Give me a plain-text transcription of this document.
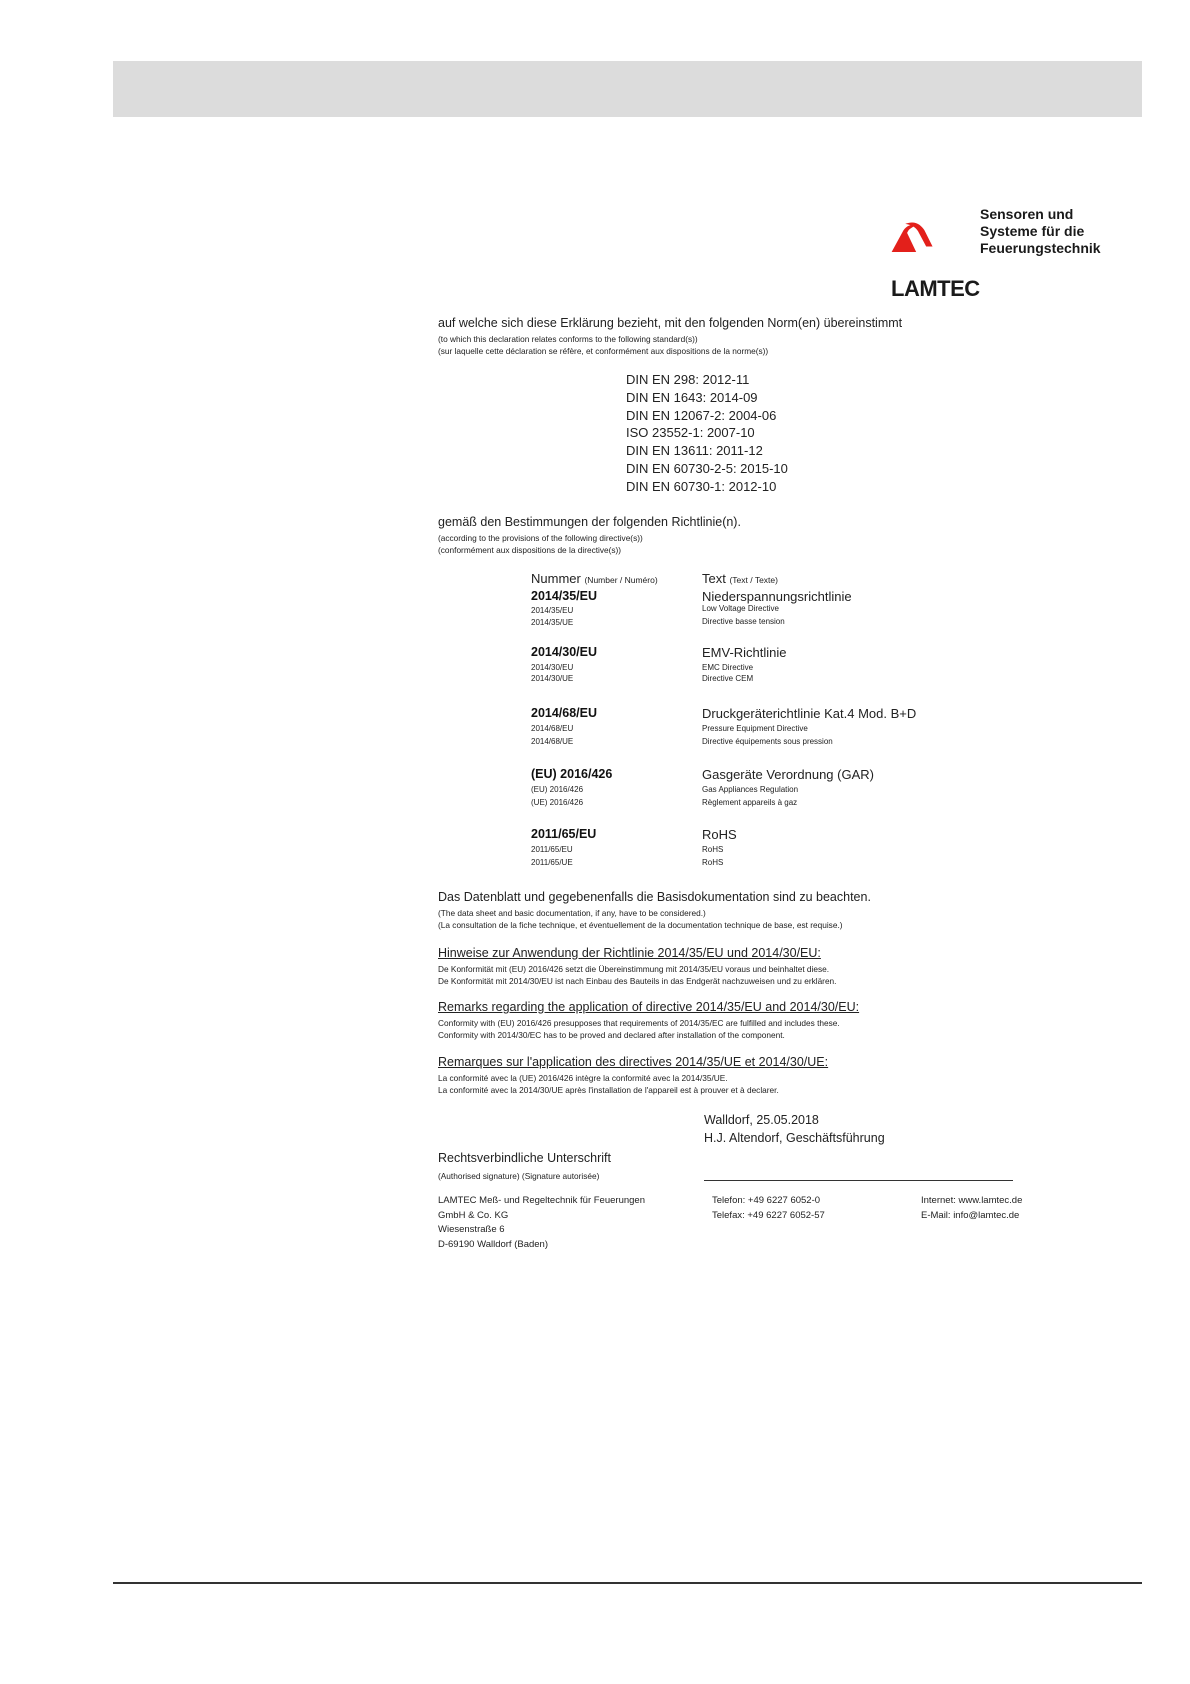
Sensoren und
Systeme für die
Feuerungstechnik
LAMTEC
auf welche sich diese Erklärung bezieht, mit den folgenden Norm(en) übereinstimmt
(to which this declaration relates conforms to the following standard(s))
(sur laquelle cette déclaration se réfère, et conformément aux dispositions de la norme(s))
DIN EN 298: 2012-11
DIN EN 1643: 2014-09
DIN EN 12067-2: 2004-06
ISO 23552-1: 2007-10
DIN EN 13611: 2011-12
DIN EN 60730-2-5: 2015-10
DIN EN 60730-1: 2012-10
gemäß den Bestimmungen der folgenden Richtlinie(n).
(according to the provisions of the following directive(s))
(conformément aux dispositions de la directive(s))
Nummer (Number / Numéro)	Text (Text / Texte)
2014/35/EU
2014/35/EU
2014/35/UE
Niederspannungsrichtlinie
Low Voltage Directive
Directive basse tension
2014/30/EU
2014/30/EU
2014/30/UE
EMV-Richtlinie
EMC Directive
Directive CEM
2014/68/EU
2014/68/EU
2014/68/UE
Druckgeräterichtlinie Kat.4 Mod. B+D
Pressure Equipment Directive
Directive équipements sous pression
(EU) 2016/426
(EU) 2016/426
(UE) 2016/426
Gasgeräte Verordnung (GAR)
Gas Appliances Regulation
Règlement appareils à gaz
2011/65/EU
2011/65/EU
2011/65/UE
RoHS
RoHS
RoHS
Das Datenblatt und gegebenenfalls die Basisdokumentation sind zu beachten.
(The data sheet and basic documentation, if any, have to be considered.)
(La consultation de la fiche technique, et éventuellement de la documentation technique de base, est requise.)
Hinweise zur Anwendung der Richtlinie 2014/35/EU und 2014/30/EU:
De Konformität mit (EU) 2016/426 setzt die Übereinstimmung mit 2014/35/EU voraus und beinhaltet diese.
De Konformität mit 2014/30/EU ist nach Einbau des Bauteils in das Endgerät nachzuweisen und zu erklären.
Remarks regarding the application of directive 2014/35/EU and 2014/30/EU:
Conformity with (EU) 2016/426 presupposes that requirements of 2014/35/EC are fulfilled and includes these.
Conformity with 2014/30/EC has to be proved and declared after installation of the component.
Remarques sur l'application des directives 2014/35/UE et 2014/30/UE:
La conformité avec la (UE) 2016/426 intègre la conformité avec la 2014/35/UE.
La conformité avec la 2014/30/UE après l'installation de l'appareil est à prouver et à declarer.
Walldorf, 25.05.2018
H.J. Altendorf, Geschäftsführung
Rechtsverbindliche Unterschrift
(Authorised signature) (Signature autorisée)
LAMTEC Meß- und Regeltechnik für Feuerungen
GmbH & Co. KG
Wiesenstraße 6
D-69190 Walldorf (Baden)
Telefon: +49 6227 6052-0
Telefax: +49 6227 6052-57
Internet: www.lamtec.de
E-Mail: info@lamtec.de
